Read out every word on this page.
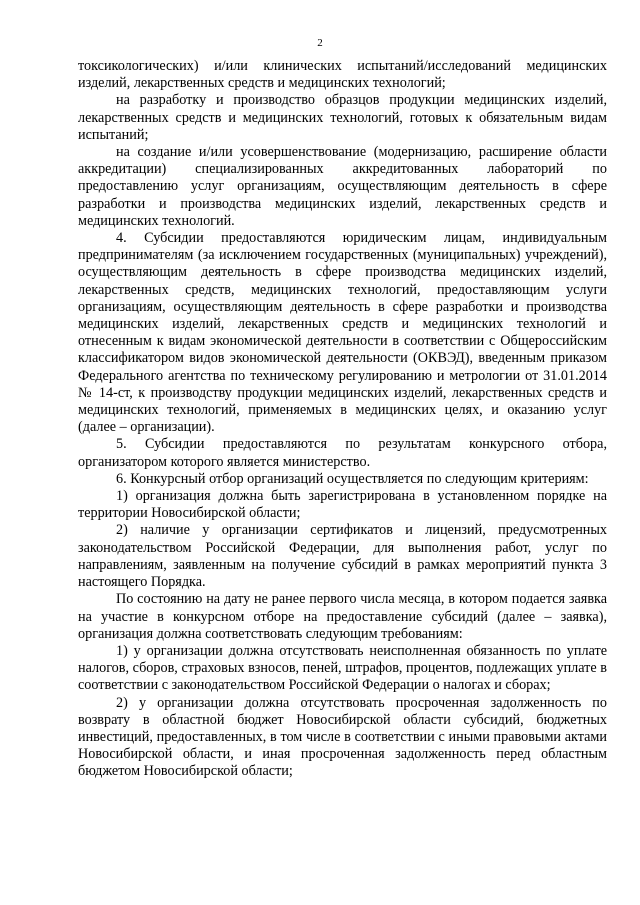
2

токсикологических) и/или клинических испытаний/исследований медицинских изделий, лекарственных средств и медицинских технологий;

на разработку и производство образцов продукции медицинских изделий, лекарственных средств и медицинских технологий, готовых к обязательным видам испытаний;

на создание и/или усовершенствование (модернизацию, расширение области аккредитации) специализированных аккредитованных лабораторий по предоставлению услуг организациям, осуществляющим деятельность в сфере разработки и производства медицинских изделий, лекарственных средств и медицинских технологий.

4. Субсидии предоставляются юридическим лицам, индивидуальным предпринимателям (за исключением государственных (муниципальных) учреждений), осуществляющим деятельность в сфере производства медицинских изделий, лекарственных средств, медицинских технологий, предоставляющим услуги организациям, осуществляющим деятельность в сфере разработки и производства медицинских изделий, лекарственных средств и медицинских технологий и отнесенным к видам экономической деятельности в соответствии с Общероссийским классификатором видов экономической деятельности (ОКВЭД), введенным приказом Федерального агентства по техническому регулированию и метрологии от 31.01.2014 № 14-ст, к производству продукции медицинских изделий, лекарственных средств и медицинских технологий, применяемых в медицинских целях, и оказанию услуг (далее – организации).

5. Субсидии предоставляются по результатам конкурсного отбора, организатором которого является министерство.

6. Конкурсный отбор организаций осуществляется по следующим критериям:

1) организация должна быть зарегистрирована в установленном порядке на территории Новосибирской области;

2) наличие у организации сертификатов и лицензий, предусмотренных законодательством Российской Федерации, для выполнения работ, услуг по направлениям, заявленным на получение субсидий в рамках мероприятий пункта 3 настоящего Порядка.

По состоянию на дату не ранее первого числа месяца, в котором подается заявка на участие в конкурсном отборе на предоставление субсидий (далее – заявка), организация должна соответствовать следующим требованиям:

1) у организации должна отсутствовать неисполненная обязанность по уплате налогов, сборов, страховых взносов, пеней, штрафов, процентов, подлежащих уплате в соответствии с законодательством Российской Федерации о налогах и сборах;

2) у организации должна отсутствовать просроченная задолженность по возврату в областной бюджет Новосибирской области субсидий, бюджетных инвестиций, предоставленных, в том числе в соответствии с иными правовыми актами Новосибирской области, и иная просроченная задолженность перед областным бюджетом Новосибирской области;
